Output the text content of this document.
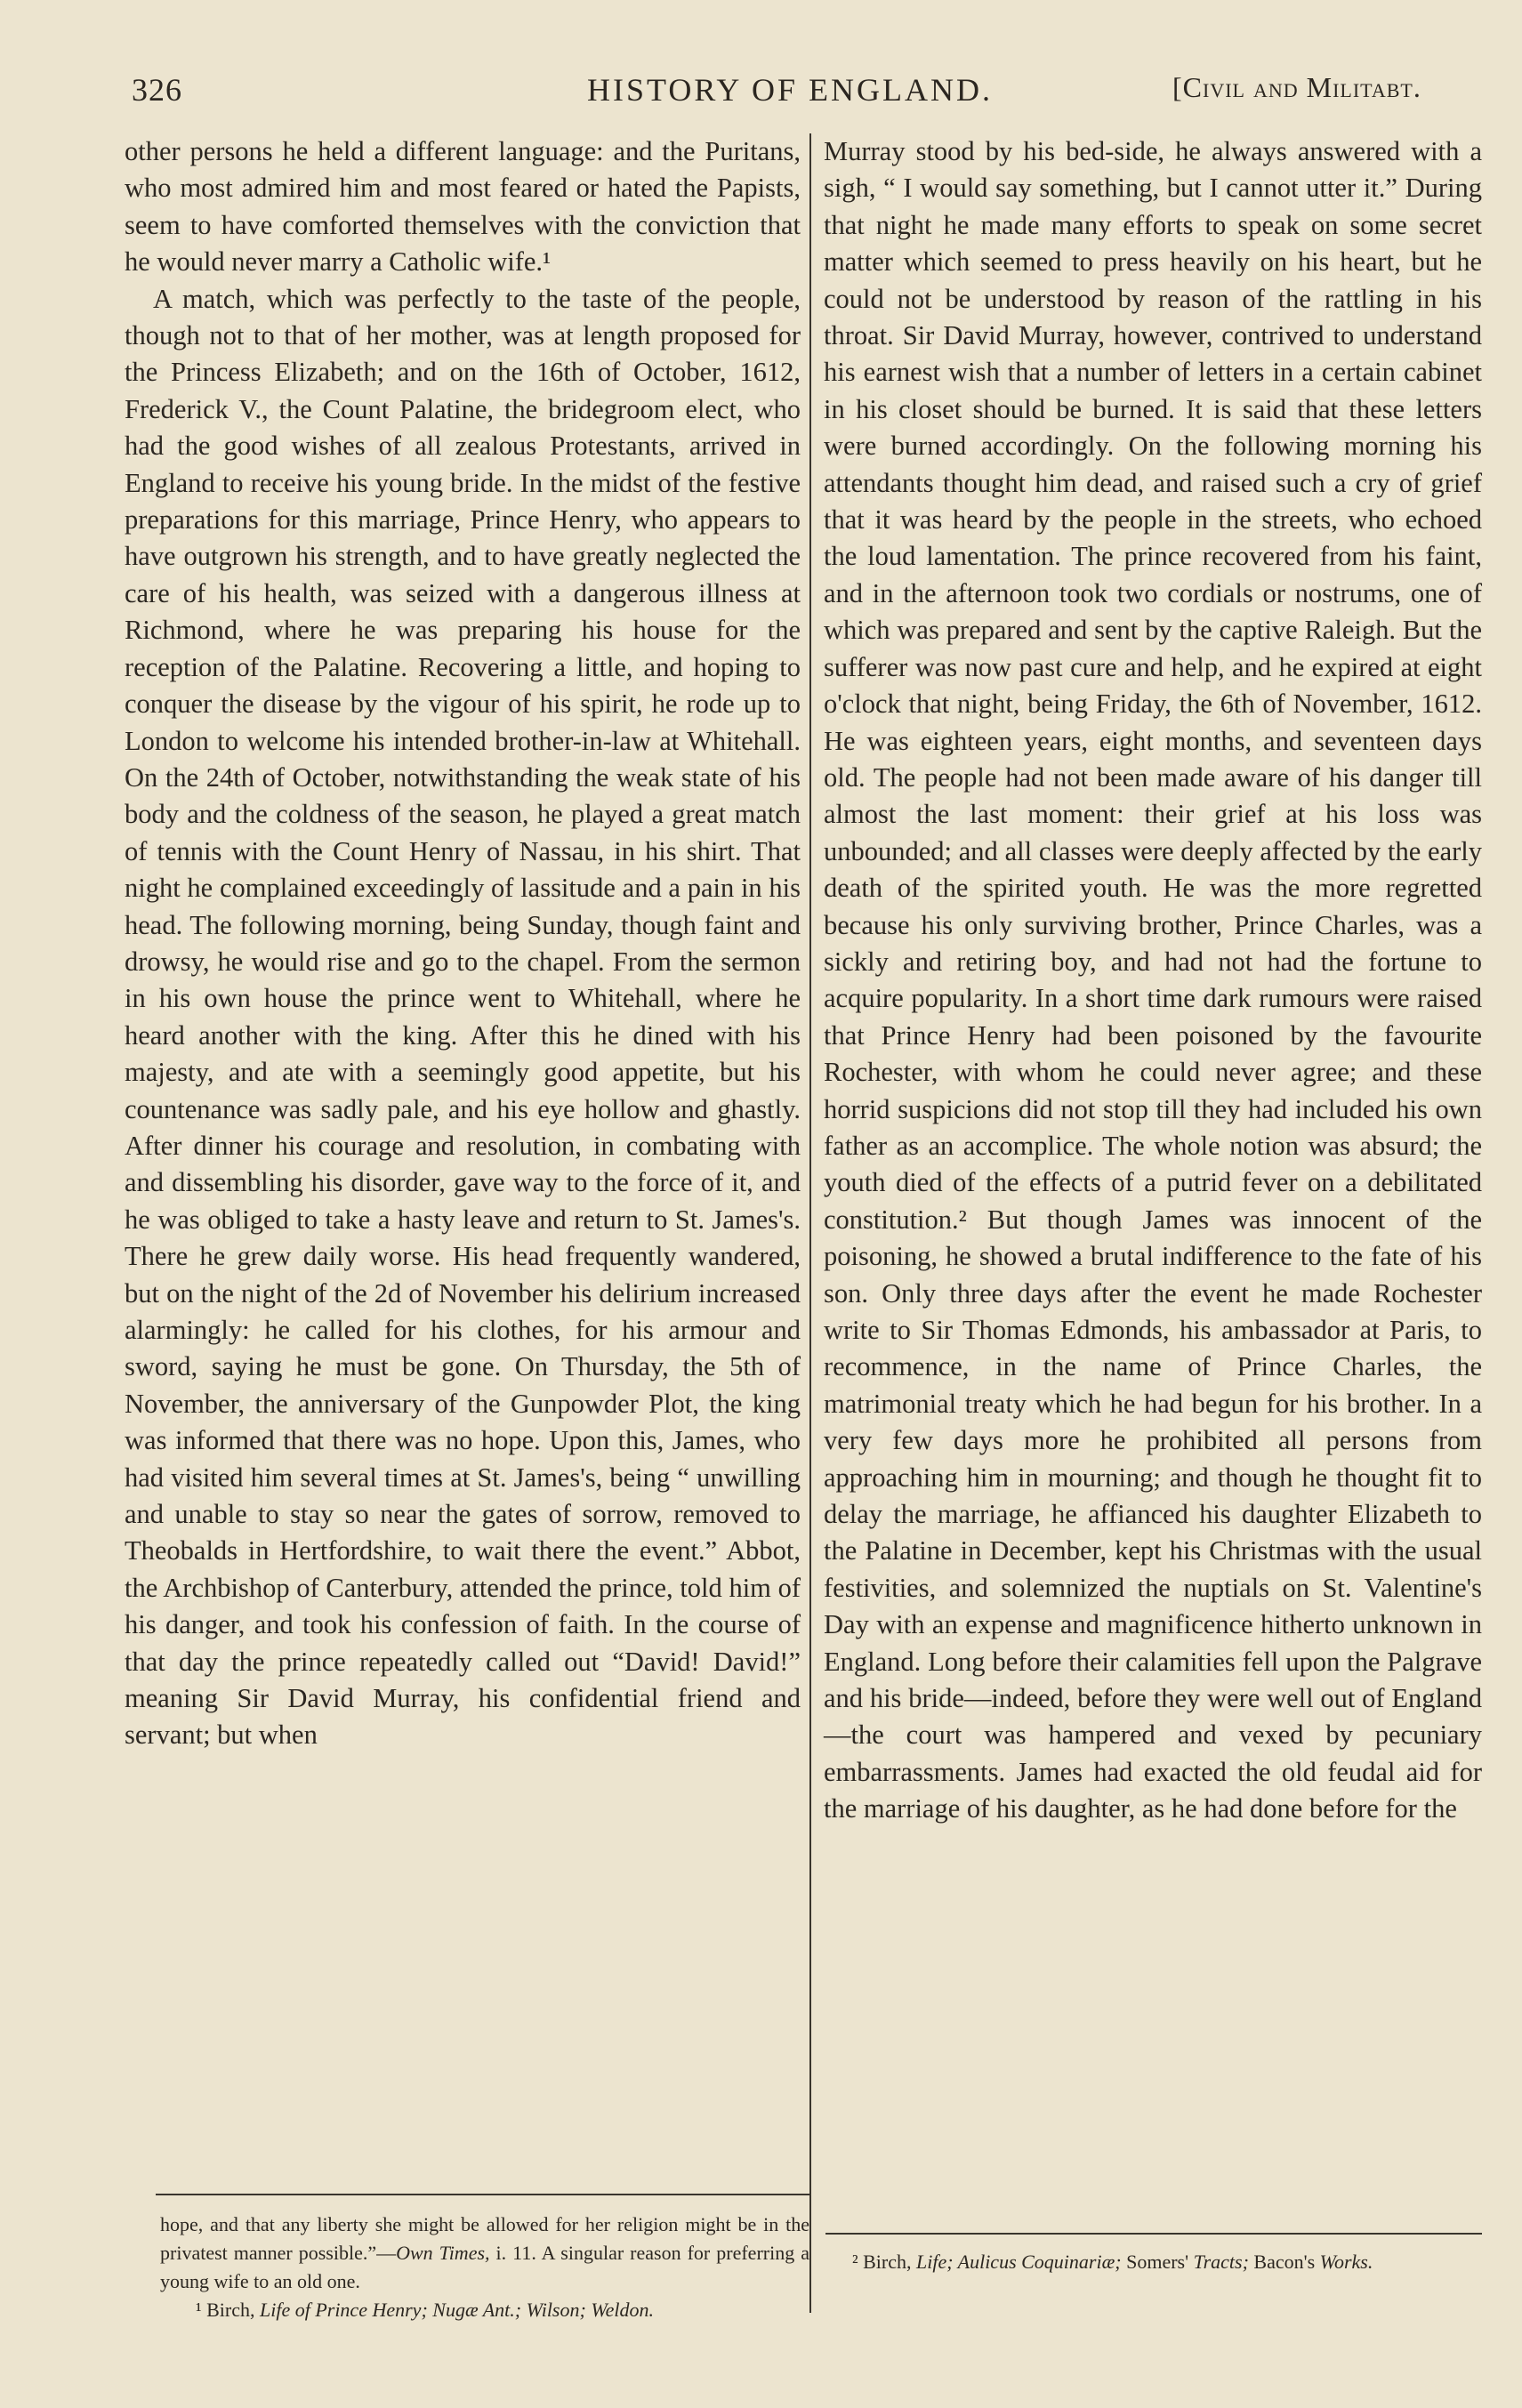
326	HISTORY OF ENGLAND.	[Civil and Militabt.

other persons he held a different language: and the Puritans, who most admired him and most feared or hated the Papists, seem to have comforted themselves with the conviction that he would never marry a Catholic wife.¹

A match, which was perfectly to the taste of the people, though not to that of her mother, was at length proposed for the Princess Elizabeth; and on the 16th of October, 1612, Frederick V., the Count Palatine, the bridegroom elect, who had the good wishes of all zealous Protestants, arrived in England to receive his young bride. In the midst of the festive preparations for this marriage, Prince Henry, who appears to have outgrown his strength, and to have greatly neglected the care of his health, was seized with a dangerous illness at Richmond, where he was preparing his house for the reception of the Palatine. Recovering a little, and hoping to conquer the disease by the vigour of his spirit, he rode up to London to welcome his intended brother-in-law at Whitehall. On the 24th of October, notwithstanding the weak state of his body and the coldness of the season, he played a great match of tennis with the Count Henry of Nassau, in his shirt. That night he complained exceedingly of lassitude and a pain in his head. The following morning, being Sunday, though faint and drowsy, he would rise and go to the chapel. From the sermon in his own house the prince went to Whitehall, where he heard another with the king. After this he dined with his majesty, and ate with a seemingly good appetite, but his countenance was sadly pale, and his eye hollow and ghastly. After dinner his courage and resolution, in combating with and dissembling his disorder, gave way to the force of it, and he was obliged to take a hasty leave and return to St. James's. There he grew daily worse. His head frequently wandered, but on the night of the 2d of November his delirium increased alarmingly: he called for his clothes, for his armour and sword, saying he must be gone. On Thursday, the 5th of November, the anniversary of the Gunpowder Plot, the king was informed that there was no hope. Upon this, James, who had visited him several times at St. James's, being “ unwilling and unable to stay so near the gates of sorrow, removed to Theobalds in Hertfordshire, to wait there the event.” Abbot, the Archbishop of Canterbury, attended the prince, told him of his danger, and took his confession of faith. In the course of that day the prince repeatedly called out “David! David!” meaning Sir David Murray, his confidential friend and servant; but when

Murray stood by his bed-side, he always answered with a sigh, “ I would say something, but I cannot utter it.” During that night he made many efforts to speak on some secret matter which seemed to press heavily on his heart, but he could not be understood by reason of the rattling in his throat. Sir David Murray, however, contrived to understand his earnest wish that a number of letters in a certain cabinet in his closet should be burned. It is said that these letters were burned accordingly. On the following morning his attendants thought him dead, and raised such a cry of grief that it was heard by the people in the streets, who echoed the loud lamentation. The prince recovered from his faint, and in the afternoon took two cordials or nostrums, one of which was prepared and sent by the captive Raleigh. But the sufferer was now past cure and help, and he expired at eight o'clock that night, being Friday, the 6th of November, 1612. He was eighteen years, eight months, and seventeen days old. The people had not been made aware of his danger till almost the last moment: their grief at his loss was unbounded; and all classes were deeply affected by the early death of the spirited youth. He was the more regretted because his only surviving brother, Prince Charles, was a sickly and retiring boy, and had not had the fortune to acquire popularity. In a short time dark rumours were raised that Prince Henry had been poisoned by the favourite Rochester, with whom he could never agree; and these horrid suspicions did not stop till they had included his own father as an accomplice. The whole notion was absurd; the youth died of the effects of a putrid fever on a debilitated constitution.² But though James was innocent of the poisoning, he showed a brutal indifference to the fate of his son. Only three days after the event he made Rochester write to Sir Thomas Edmonds, his ambassador at Paris, to recommence, in the name of Prince Charles, the matrimonial treaty which he had begun for his brother. In a very few days more he prohibited all persons from approaching him in mourning; and though he thought fit to delay the marriage, he affianced his daughter Elizabeth to the Palatine in December, kept his Christmas with the usual festivities, and solemnized the nuptials on St. Valentine's Day with an expense and magnificence hitherto unknown in England. Long before their calamities fell upon the Palgrave and his bride—indeed, before they were well out of England—the court was hampered and vexed by pecuniary embarrassments. James had exacted the old feudal aid for the marriage of his daughter, as he had done before for the

hope, and that any liberty she might be allowed for her religion might be in the privatest manner possible.”—Own Times, i. 11. A singular reason for preferring a young wife to an old one.

¹ Birch, Life of Prince Henry; Nugæ Ant.; Wilson; Weldon.

² Birch, Life; Aulicus Coquinariæ; Somers' Tracts; Bacon's Works.
